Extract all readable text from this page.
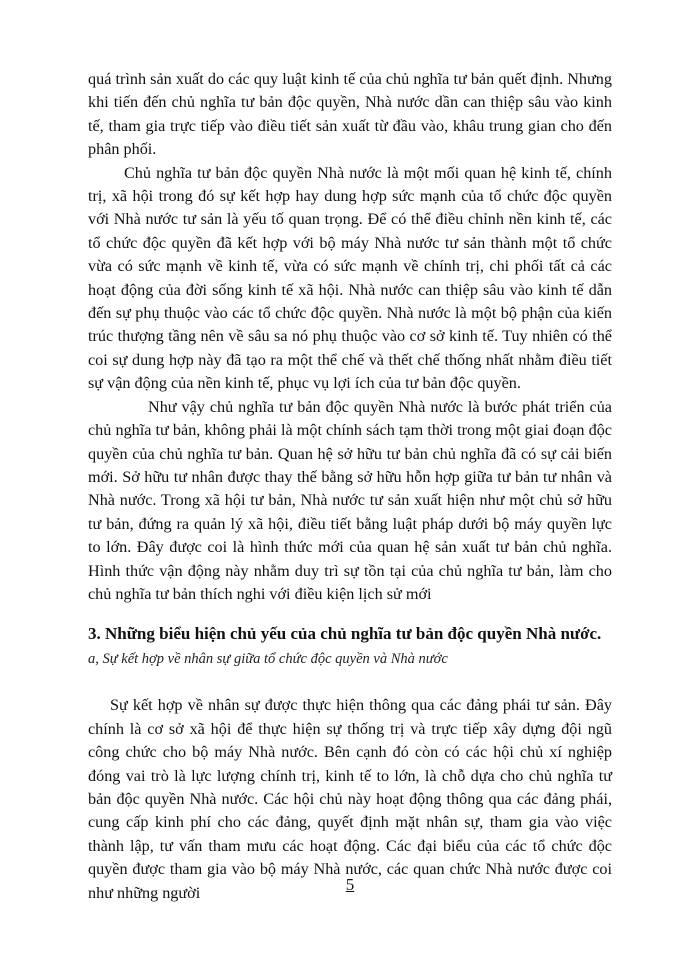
quá trình sản xuất do các quy luật kinh tế của chủ nghĩa tư bản quết định. Nhưng khi tiến đến chủ nghĩa tư bản độc quyền, Nhà nước dần can thiệp sâu vào kinh tế, tham gia trực tiếp vào điều tiết sản xuất từ đầu vào, khâu trung gian cho đến phân phối.

Chủ nghĩa tư bản độc quyền Nhà nước là một mối quan hệ kinh tế, chính trị, xã hội trong đó sự kết hợp hay dung hợp sức mạnh của tổ chức độc quyền với Nhà nước tư sản là yếu tố quan trọng. Để có thể điều chỉnh nền kinh tế, các tổ chức độc quyền đã kết hợp với bộ máy Nhà nước tư sản thành một tổ chức vừa có sức mạnh về kinh tế, vừa có sức mạnh về chính trị, chi phối tất cả các hoạt động của đời sống kinh tế xã hội. Nhà nước can thiệp sâu vào kinh tế dẫn đến sự phụ thuộc vào các tổ chức độc quyền. Nhà nước là một bộ phận của kiến trúc thượng tầng nên về sâu sa nó phụ thuộc vào cơ sở kinh tế. Tuy nhiên có thể coi sự dung hợp này đã tạo ra một thể chế và thết chế thống nhất nhằm điều tiết sự vận động của nền kinh tế, phục vụ lợi ích của tư bản độc quyền.

Như vậy chủ nghĩa tư bản độc quyền Nhà nước là bước phát triển của chủ nghĩa tư bản, không phải là một chính sách tạm thời trong một giai đoạn độc quyền của chủ nghĩa tư bản. Quan hệ sở hữu tư bản chủ nghĩa đã có sự cải biến mới. Sở hữu tư nhân được thay thế bằng sở hữu hỗn hợp giữa tư bản tư nhân và Nhà nước. Trong xã hội tư bản, Nhà nước tư sản xuất hiện như một chủ sở hữu tư bản, đứng ra quản lý xã hội, điều tiết bằng luật pháp dưới bộ máy quyền lực to lớn. Đây được coi là hình thức mới của quan hệ sản xuất tư bản chủ nghĩa. Hình thức vận động này nhằm duy trì sự tồn tại của chủ nghĩa tư bản, làm cho chủ nghĩa tư bản thích nghi với điều kiện lịch sử mới

3. Những biểu hiện chủ yếu của chủ nghĩa tư bản độc quyền Nhà nước.

a, Sự kết hợp về nhân sự giữa tổ chức độc quyền và Nhà nước

Sự kết hợp về nhân sự được thực hiện thông qua các đảng phái tư sản. Đây chính là cơ sở xã hội để thực hiện sự thống trị và trực tiếp xây dựng đội ngũ công chức cho bộ máy Nhà nước. Bên cạnh đó còn có các hội chủ xí nghiệp đóng vai trò là lực lượng chính trị, kinh tế to lớn, là chỗ dựa cho chủ nghĩa tư bản độc quyền Nhà nước. Các hội chủ này hoạt động thông qua các đảng phái, cung cấp kinh phí cho các đảng, quyết định mặt nhân sự, tham gia vào việc thành lập, tư vấn tham mưu các hoạt động. Các đại biểu của các tổ chức độc quyền được tham gia vào bộ máy Nhà nước, các quan chức Nhà nước được coi như những người	5
